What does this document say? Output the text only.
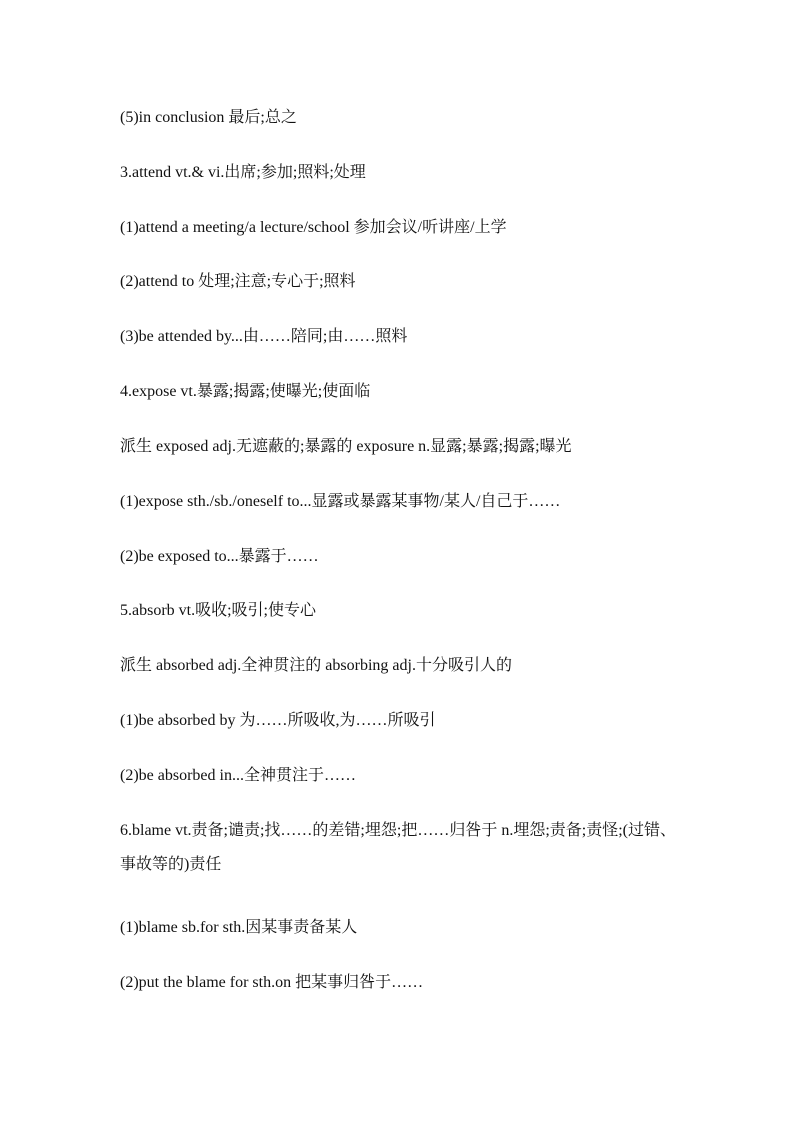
(5)in conclusion 最后;总之
3.attend vt.& vi.出席;参加;照料;处理
(1)attend a meeting/a lecture/school 参加会议/听讲座/上学
(2)attend to 处理;注意;专心于;照料
(3)be attended by...由……陪同;由……照料
4.expose vt.暴露;揭露;使曝光;使面临
派生 exposed adj.无遮蔽的;暴露的 exposure n.显露;暴露;揭露;曝光
(1)expose sth./sb./oneself to...显露或暴露某事物/某人/自己于……
(2)be exposed to...暴露于……
5.absorb vt.吸收;吸引;使专心
派生 absorbed adj.全神贯注的 absorbing adj.十分吸引人的
(1)be absorbed by 为……所吸收,为……所吸引
(2)be absorbed in...全神贯注于……
6.blame vt.责备;谴责;找……的差错;埋怨;把……归咎于 n.埋怨;责备;责怪;(过错、事故等的)责任
(1)blame sb.for sth.因某事责备某人
(2)put the blame for sth.on 把某事归咎于……
